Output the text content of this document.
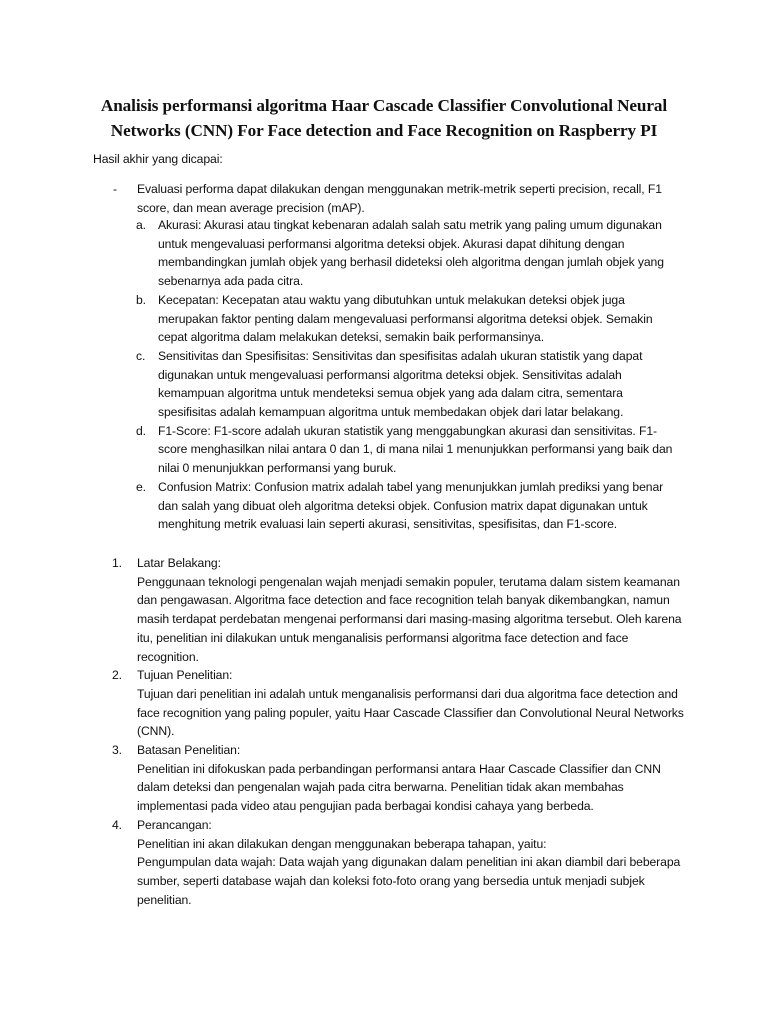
Analisis performansi algoritma Haar Cascade Classifier Convolutional Neural Networks (CNN) For Face detection and Face Recognition on Raspberry PI

Hasil akhir yang dicapai:

- Evaluasi performa dapat dilakukan dengan menggunakan metrik-metrik seperti precision, recall, F1 score, dan mean average precision (mAP).

a. Akurasi: Akurasi atau tingkat kebenaran adalah salah satu metrik yang paling umum digunakan untuk mengevaluasi performansi algoritma deteksi objek. Akurasi dapat dihitung dengan membandingkan jumlah objek yang berhasil dideteksi oleh algoritma dengan jumlah objek yang sebenarnya ada pada citra.

b. Kecepatan: Kecepatan atau waktu yang dibutuhkan untuk melakukan deteksi objek juga merupakan faktor penting dalam mengevaluasi performansi algoritma deteksi objek. Semakin cepat algoritma dalam melakukan deteksi, semakin baik performansinya.

c.	Sensitivitas dan Spesifisitas: Sensitivitas dan spesifisitas adalah ukuran statistik yang dapat digunakan untuk mengevaluasi performansi algoritma deteksi objek. Sensitivitas adalah kemampuan algoritma untuk mendeteksi semua objek yang ada dalam citra, sementara spesifisitas adalah kemampuan algoritma untuk membedakan objek dari latar belakang.

d. F1-Score: F1-score adalah ukuran statistik yang menggabungkan akurasi dan sensitivitas. F1-score menghasilkan nilai antara 0 dan 1, di mana nilai 1 menunjukkan performansi yang baik dan nilai 0 menunjukkan performansi yang buruk.

e. Confusion Matrix: Confusion matrix adalah tabel yang menunjukkan jumlah prediksi yang benar dan salah yang dibuat oleh algoritma deteksi objek. Confusion matrix dapat digunakan untuk menghitung metrik evaluasi lain seperti akurasi, sensitivitas, spesifisitas, dan F1-score.

1.	Latar Belakang:

Penggunaan teknologi pengenalan wajah menjadi semakin populer, terutama dalam sistem keamanan dan pengawasan. Algoritma face detection and face recognition telah banyak dikembangkan, namun masih terdapat perdebatan mengenai performansi dari masing-masing algoritma tersebut. Oleh karena itu, penelitian ini dilakukan untuk menganalisis performansi algoritma face detection and face recognition.

2.	Tujuan Penelitian:

Tujuan dari penelitian ini adalah untuk menganalisis performansi dari dua algoritma face detection and face recognition yang paling populer, yaitu Haar Cascade Classifier dan Convolutional Neural Networks (CNN).

3.	Batasan Penelitian:

Penelitian ini difokuskan pada perbandingan performansi antara Haar Cascade Classifier dan CNN dalam deteksi dan pengenalan wajah pada citra berwarna. Penelitian tidak akan membahas implementasi pada video atau pengujian pada berbagai kondisi cahaya yang berbeda.

4.	Perancangan:

Penelitian ini akan dilakukan dengan menggunakan beberapa tahapan, yaitu:

Pengumpulan data wajah: Data wajah yang digunakan dalam penelitian ini akan diambil dari beberapa sumber, seperti database wajah dan koleksi foto-foto orang yang bersedia untuk menjadi subjek penelitian.
